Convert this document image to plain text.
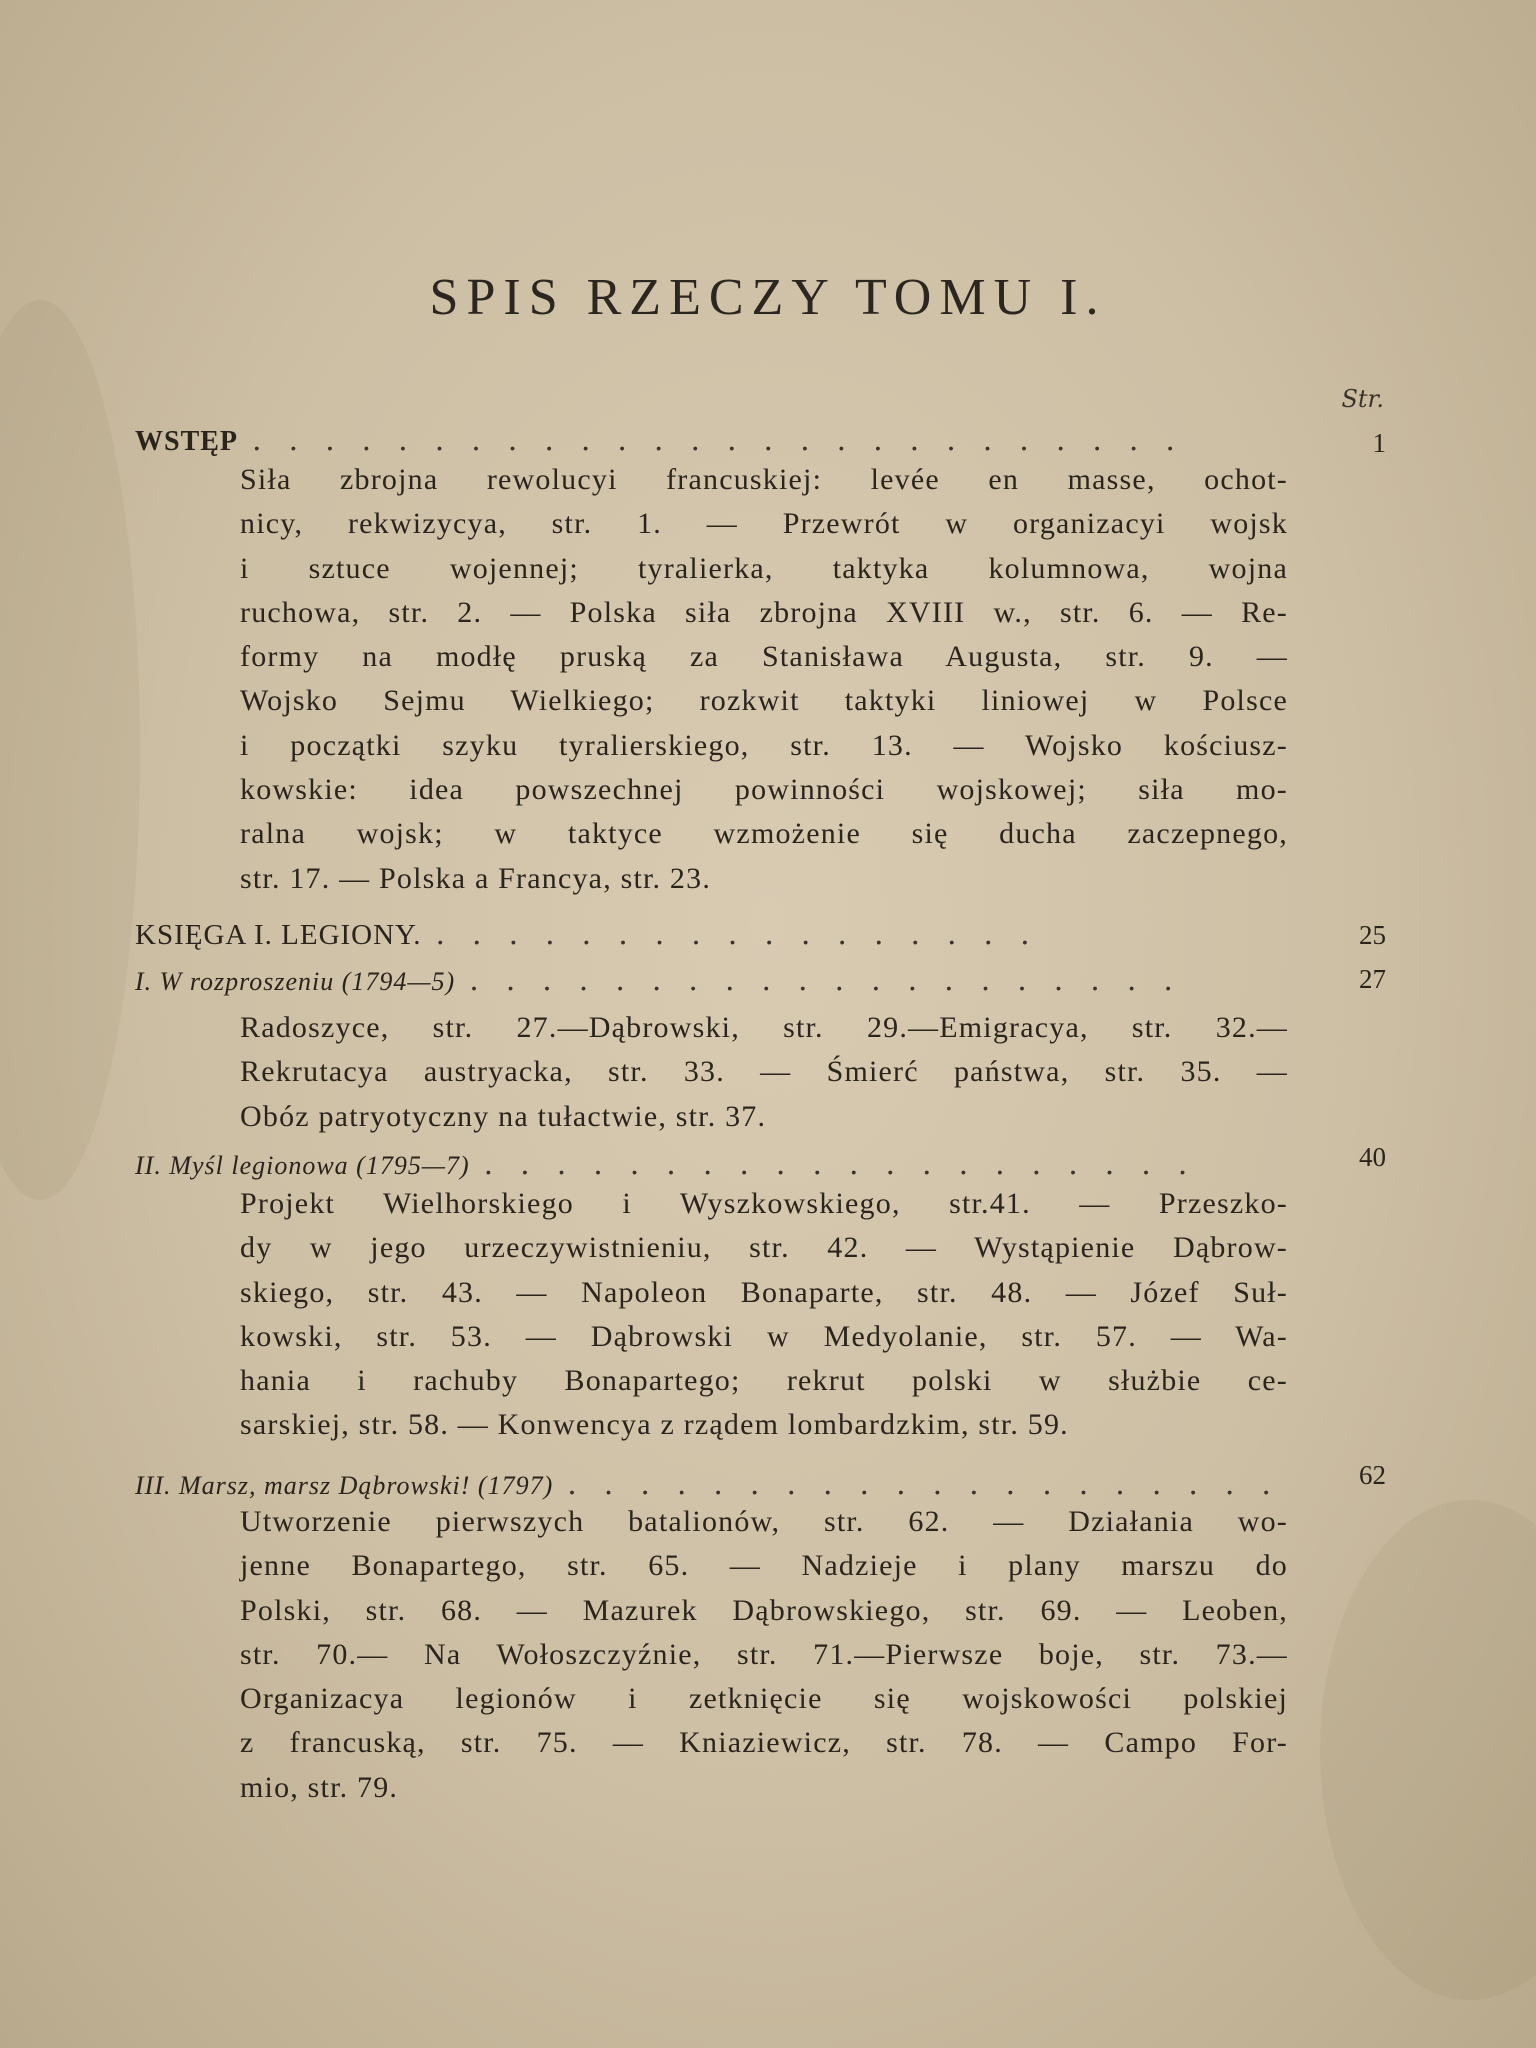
SPIS RZECZY TOMU I.
Str.
WSTĘP ..........................	1
Siła zbrojna rewolucyi francuskiej: levée en masse, ochot-
nicy, rekwizycya, str. 1. — Przewrót w organizacyi wojsk
i sztuce wojennej; tyralierka, taktyka kolumnowa, wojna
ruchowa, str. 2. — Polska siła zbrojna XVIII w., str. 6. — Re-
formy na modłę pruską za Stanisława Augusta, str. 9. —
Wojsko Sejmu Wielkiego; rozkwit taktyki liniowej w Polsce
i początki szyku tyralierskiego, str. 13. — Wojsko kościusz-
kowskie: idea powszechnej powinności wojskowej; siła mo-
ralna wojsk; w taktyce wzmożenie się ducha zaczepnego,
str. 17. — Polska a Francya, str. 23.
KSIĘGA I. LEGIONY. .................	25
I. W rozproszeniu (1794—5) ....................	27
Radoszyce, str. 27.—Dąbrowski, str. 29.—Emigracya, str. 32.—
Rekrutacya austryacka, str. 33. — Śmierć państwa, str. 35. —
Obóz patryotyczny na tułactwie, str. 37.
II. Myśl legionowa (1795—7) ....................	40
Projekt Wielhorskiego i Wyszkowskiego, str.41. — Przeszko-
dy w jego urzeczywistnieniu, str. 42. — Wystąpienie Dąbrow-
skiego, str. 43. — Napoleon Bonaparte, str. 48. — Józef Suł-
kowski, str. 53. — Dąbrowski w Medyolanie, str. 57. — Wa-
hania i rachuby Bonapartego; rekrut polski w służbie ce-
sarskiej, str. 58. — Konwencya z rządem lombardzkim, str. 59.
III. Marsz, marsz Dąbrowski! (1797) ....................	62
Utworzenie pierwszych batalionów, str. 62. — Działania wo-
jenne Bonapartego, str. 65. — Nadzieje i plany marszu do
Polski, str. 68. — Mazurek Dąbrowskiego, str. 69. — Leoben,
str. 70.— Na Wołoszczyźnie, str. 71.—Pierwsze boje, str. 73.—
Organizacya legionów i zetknięcie się wojskowości polskiej
z francuską, str. 75. — Kniaziewicz, str. 78. — Campo For-
mio, str. 79.
